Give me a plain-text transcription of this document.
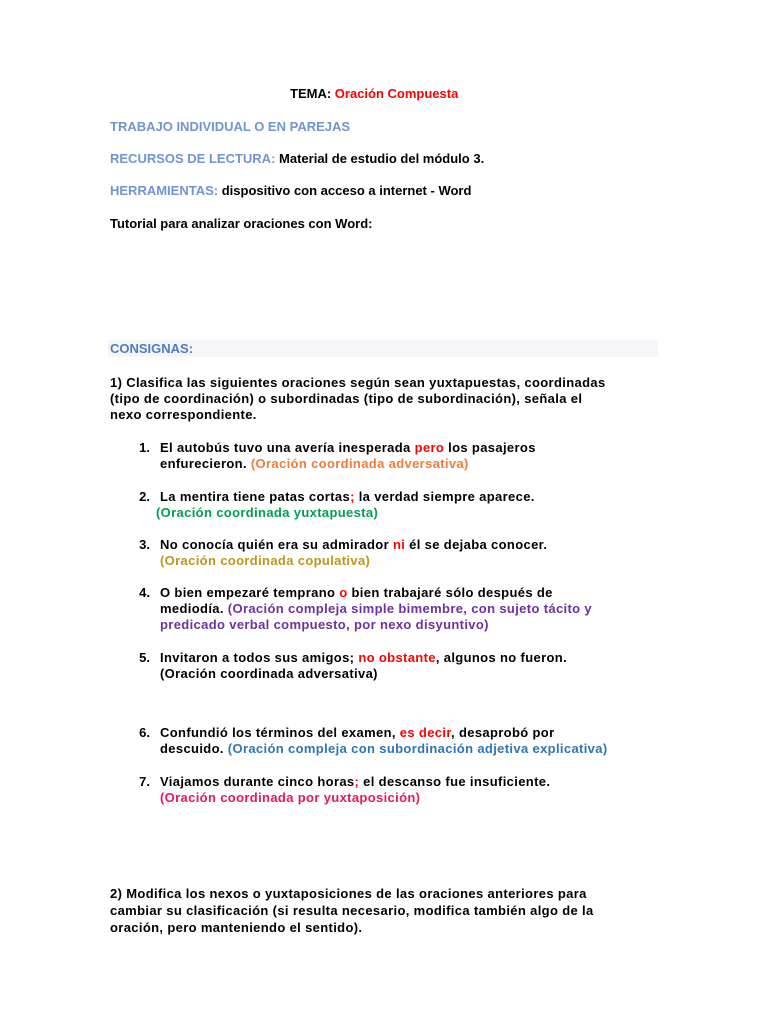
TEMA: Oración Compuesta
TRABAJO INDIVIDUAL O EN PAREJAS
RECURSOS DE LECTURA: Material de estudio del módulo 3.
HERRAMIENTAS: dispositivo con acceso a internet - Word
Tutorial para analizar oraciones con Word:
CONSIGNAS:
1) Clasifica las siguientes oraciones según sean yuxtapuestas, coordinadas
(tipo de coordinación) o subordinadas (tipo de subordinación), señala el
nexo correspondiente.
1. El autobús tuvo una avería inesperada pero los pasajeros
enfurecieron. (Oración coordinada adversativa)
2. La mentira tiene patas cortas; la verdad siempre aparece.
(Oración coordinada yuxtapuesta)
3. No conocía quién era su admirador ni él se dejaba conocer.
(Oración coordinada copulativa)
4. O bien empezaré temprano o bien trabajaré sólo después de
mediodía. (Oración compleja simple bimembre, con sujeto tácito y
predicado verbal compuesto, por nexo disyuntivo)
5. Invitaron a todos sus amigos; no obstante, algunos no fueron.
(Oración coordinada adversativa)
6. Confundió los términos del examen, es decir, desaprobó por
descuido. (Oración compleja con subordinación adjetiva explicativa)
7. Viajamos durante cinco horas; el descanso fue insuficiente.
(Oración coordinada por yuxtaposición)
2) Modifica los nexos o yuxtaposiciones de las oraciones anteriores para
cambiar su clasificación (si resulta necesario, modifica también algo de la
oración, pero manteniendo el sentido).
